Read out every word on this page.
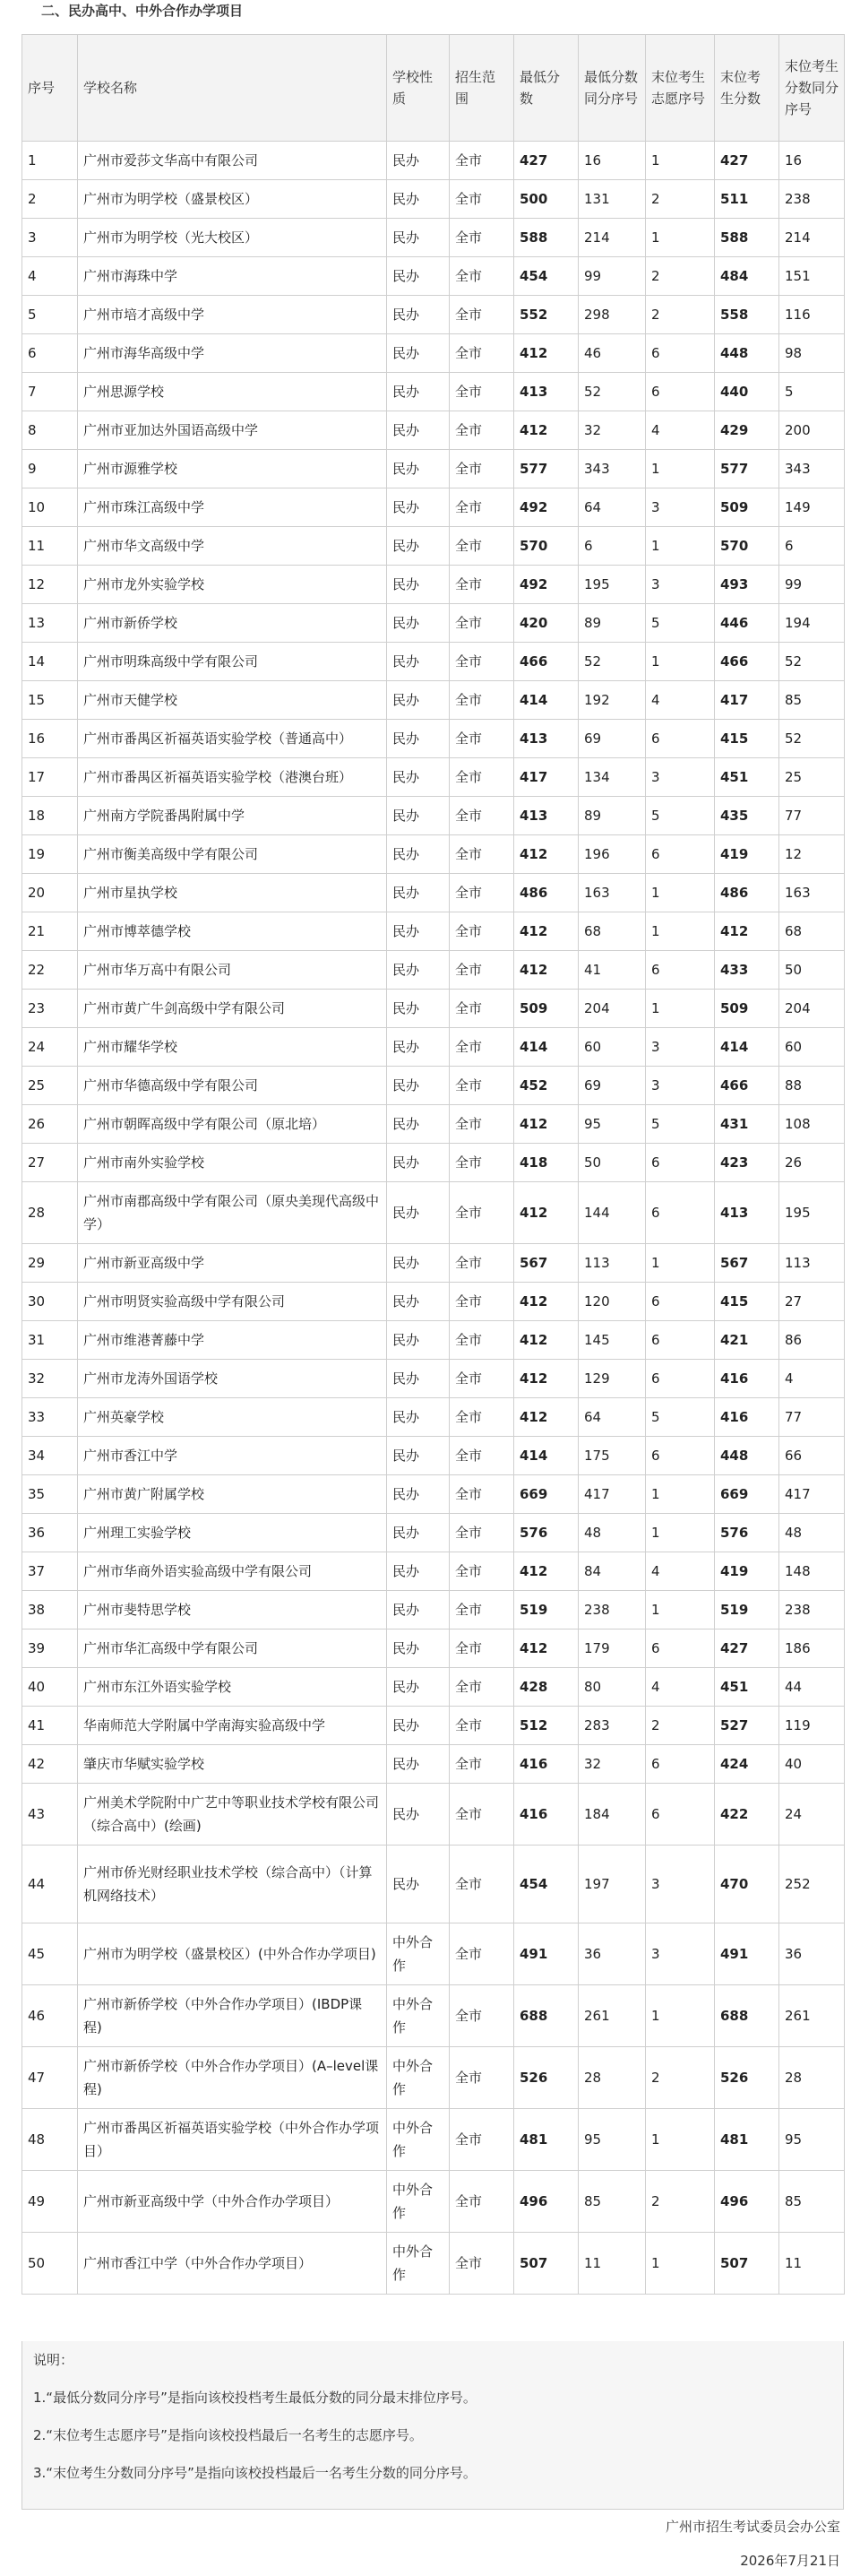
二、民办高中、中外合作办学项目
序号	学校名称	学校性质	招生范围	最低分数	最低分数同分序号	末位考生志愿序号	末位考生分数	末位考生分数同分序号
1	广州市爱莎文华高中有限公司	民办	全市	427	16	1	427	16
2	广州市为明学校（盛景校区）	民办	全市	500	131	2	511	238
3	广州市为明学校（光大校区）	民办	全市	588	214	1	588	214
4	广州市海珠中学	民办	全市	454	99	2	484	151
5	广州市培才高级中学	民办	全市	552	298	2	558	116
6	广州市海华高级中学	民办	全市	412	46	6	448	98
7	广州思源学校	民办	全市	413	52	6	440	5
8	广州市亚加达外国语高级中学	民办	全市	412	32	4	429	200
9	广州市源雅学校	民办	全市	577	343	1	577	343
10	广州市珠江高级中学	民办	全市	492	64	3	509	149
11	广州市华文高级中学	民办	全市	570	6	1	570	6
12	广州市龙外实验学校	民办	全市	492	195	3	493	99
13	广州市新侨学校	民办	全市	420	89	5	446	194
14	广州市明珠高级中学有限公司	民办	全市	466	52	1	466	52
15	广州市天健学校	民办	全市	414	192	4	417	85
16	广州市番禺区祈福英语实验学校（普通高中）	民办	全市	413	69	6	415	52
17	广州市番禺区祈福英语实验学校（港澳台班）	民办	全市	417	134	3	451	25
18	广州南方学院番禺附属中学	民办	全市	413	89	5	435	77
19	广州市衡美高级中学有限公司	民办	全市	412	196	6	419	12
20	广州市星执学校	民办	全市	486	163	1	486	163
21	广州市博萃德学校	民办	全市	412	68	1	412	68
22	广州市华万高中有限公司	民办	全市	412	41	6	433	50
23	广州市黄广牛剑高级中学有限公司	民办	全市	509	204	1	509	204
24	广州市耀华学校	民办	全市	414	60	3	414	60
25	广州市华德高级中学有限公司	民办	全市	452	69	3	466	88
26	广州市朝晖高级中学有限公司（原北培）	民办	全市	412	95	5	431	108
27	广州市南外实验学校	民办	全市	418	50	6	423	26
28	广州市南郡高级中学有限公司（原央美现代高级中学）	民办	全市	412	144	6	413	195
29	广州市新亚高级中学	民办	全市	567	113	1	567	113
30	广州市明贤实验高级中学有限公司	民办	全市	412	120	6	415	27
31	广州市维港菁藤中学	民办	全市	412	145	6	421	86
32	广州市龙涛外国语学校	民办	全市	412	129	6	416	4
33	广州英豪学校	民办	全市	412	64	5	416	77
34	广州市香江中学	民办	全市	414	175	6	448	66
35	广州市黄广附属学校	民办	全市	669	417	1	669	417
36	广州理工实验学校	民办	全市	576	48	1	576	48
37	广州市华商外语实验高级中学有限公司	民办	全市	412	84	4	419	148
38	广州市斐特思学校	民办	全市	519	238	1	519	238
39	广州市华汇高级中学有限公司	民办	全市	412	179	6	427	186
40	广州市东江外语实验学校	民办	全市	428	80	4	451	44
41	华南师范大学附属中学南海实验高级中学	民办	全市	512	283	2	527	119
42	肇庆市华赋实验学校	民办	全市	416	32	6	424	40
43	广州美术学院附中广艺中等职业技术学校有限公司（综合高中）(绘画)	民办	全市	416	184	6	422	24
44	广州市侨光财经职业技术学校（综合高中）（计算机网络技术）	民办	全市	454	197	3	470	252
45	广州市为明学校（盛景校区）(中外合作办学项目)	中外合作	全市	491	36	3	491	36
46	广州市新侨学校（中外合作办学项目）(IBDP课程)	中外合作	全市	688	261	1	688	261
47	广州市新侨学校（中外合作办学项目）(A–level课程)	中外合作	全市	526	28	2	526	28
48	广州市番禺区祈福英语实验学校（中外合作办学项目）	中外合作	全市	481	95	1	481	95
49	广州市新亚高级中学（中外合作办学项目）	中外合作	全市	496	85	2	496	85
50	广州市香江中学（中外合作办学项目）	中外合作	全市	507	11	1	507	11

说明：

1.“最低分数同分序号”是指向该校投档考生最低分数的同分最末排位序号。

2.“末位考生志愿序号”是指向该校投档最后一名考生的志愿序号。

3.“末位考生分数同分序号”是指向该校投档最后一名考生分数的同分序号。

广州市招生考试委员会办公室

2026年7月21日
